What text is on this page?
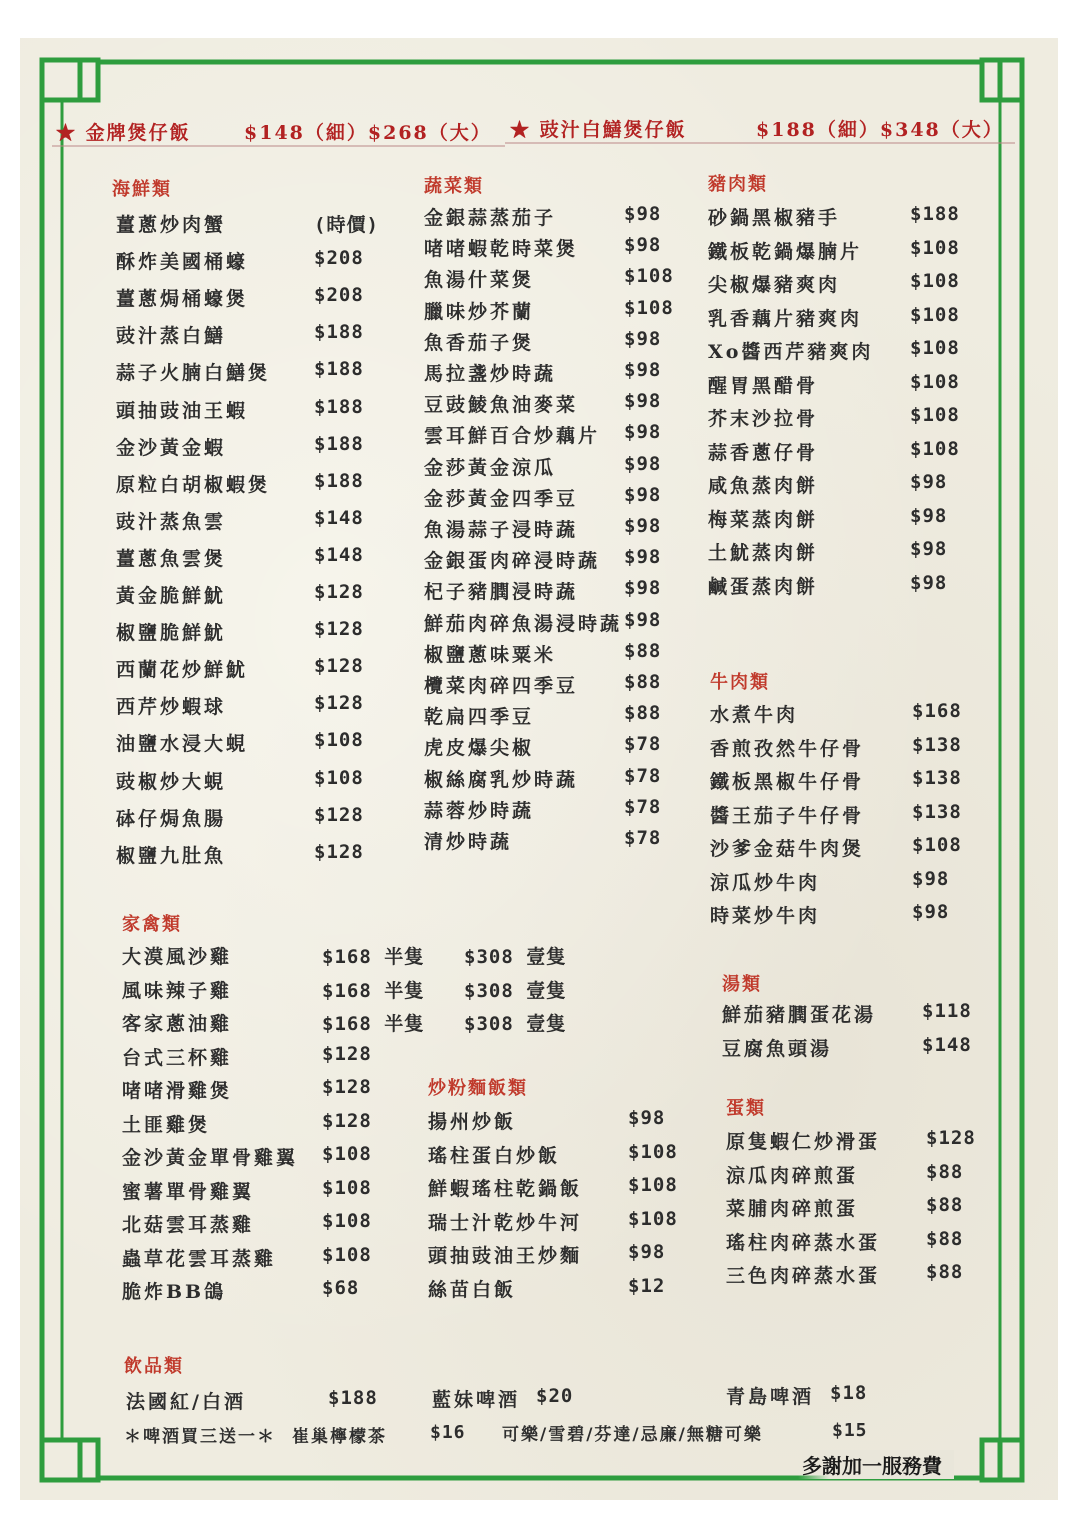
★ 金牌煲仔飯	$148（細）$268（大） ★ 豉汁白鱔煲仔飯	$188（細）$348（大）
海鮮類	蔬菜類	豬肉類
牛肉類
家禽類
炒粉麵飯類
湯類
蛋類
飲品類
薑蔥炒肉蟹	(時價)
酥炸美國桶蠔	$208
薑蔥焗桶蠔煲	$208
豉汁蒸白鱔	$188
蒜子火腩白鱔煲 $188
頭抽豉油王蝦	$188
金沙黃金蝦	$188
原粒白胡椒蝦煲 $188
豉汁蒸魚雲	$148
薑蔥魚雲煲	$148
黃金脆鮮魷	$128
椒鹽脆鮮魷	$128
西蘭花炒鮮魷	$128
西芹炒蝦球	$128
油鹽水浸大蜆	$108
豉椒炒大蜆	$108
砵仔焗魚腸	$128
椒鹽九肚魚	$128
金銀蒜蒸茄子	$98
啫啫蝦乾時菜煲 $98
魚湯什菜煲	$108
臘味炒芥蘭	$108
魚香茄子煲	$98
馬拉盞炒時蔬	$98
豆豉鯪魚油麥菜 $98
雲耳鮮百合炒藕片 $98
金莎黃金涼瓜	$98
金莎黃金四季豆 $98
魚湯蒜子浸時蔬 $98
金銀蛋肉碎浸時蔬 $98
杞子豬膶浸時蔬 $98
鮮茄肉碎魚湯浸時蔬 $98
椒鹽蔥味粟米	$88
欖菜肉碎四季豆 $88
乾扁四季豆	$88
虎皮爆尖椒	$78
椒絲腐乳炒時蔬 $78
蒜蓉炒時蔬	$78
清炒時蔬	$78
砂鍋黑椒豬手	$188
鐵板乾鍋爆腩片	$108
尖椒爆豬爽肉	$108
乳香藕片豬爽肉	$108
Xo醬西芹豬爽肉 $108
醒胃黑醋骨	$108
芥末沙拉骨	$108
蒜香蔥仔骨	$108
咸魚蒸肉餅	$98
梅菜蒸肉餅	$98
土魷蒸肉餅	$98
鹹蛋蒸肉餅	$98
水煮牛肉	$168
香煎孜然牛仔骨	$138
鐵板黑椒牛仔骨	$138
醬王茄子牛仔骨	$138
沙爹金菇牛肉煲	$108
涼瓜炒牛肉	$98
時菜炒牛肉	$98
大漠風沙雞	$168 半隻 $308 壹隻
風味辣子雞	$168 半隻 $308 壹隻
客家蔥油雞	$168 半隻 $308 壹隻
台式三杯雞	$128
啫啫滑雞煲	$128
土匪雞煲	$128
金沙黃金單骨雞翼 $108
蜜薯單骨雞翼	$108
北菇雲耳蒸雞	$108
蟲草花雲耳蒸雞 $108
脆炸BB鴿	$68
揚州炒飯	$98
瑤柱蛋白炒飯	$108
鮮蝦瑤柱乾鍋飯 $108
瑞士汁乾炒牛河 $108
頭抽豉油王炒麵 $98
絲苗白飯	$12
鮮茄豬膶蛋花湯 $118
豆腐魚頭湯	$148
原隻蝦仁炒滑蛋 $128
涼瓜肉碎煎蛋	$88
菜脯肉碎煎蛋	$88
瑤柱肉碎蒸水蛋 $88
三色肉碎蒸水蛋 $88
法國紅/白酒	$188	藍妹啤酒 $20	青島啤酒 $18
＊啤酒買三送一＊ 崔巢檸檬茶 $16 可樂/雪碧/芬達/忌廉/無糖可樂	$15
多謝加一服務費
